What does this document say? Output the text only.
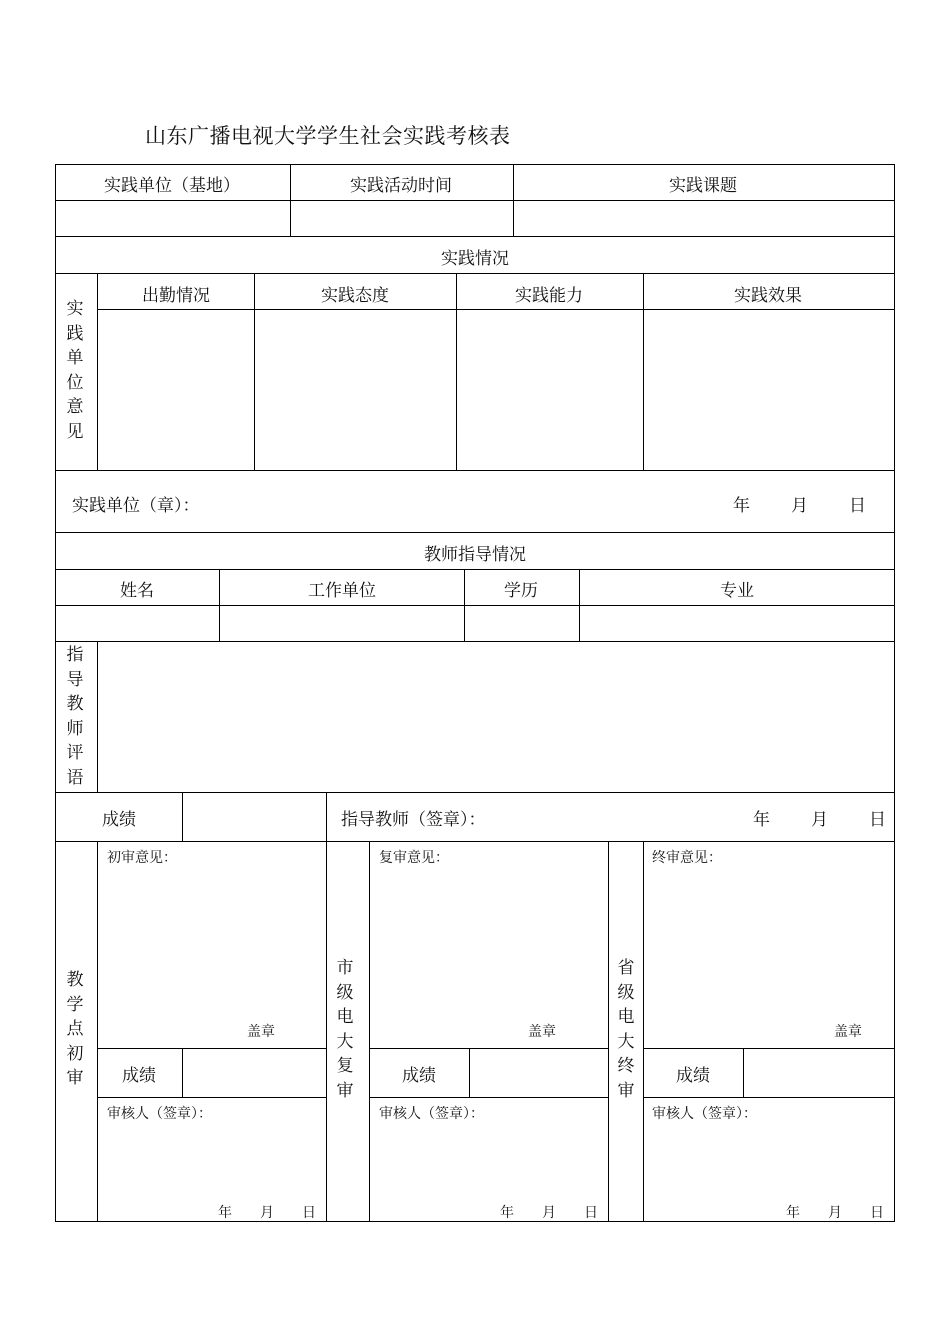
山东广播电视大学学生社会实践考核表
实践单位（基地）	实践活动时间	实践课题
实践情况
实
践
单
位
意
见
出勤情况	实践态度	实践能力	实践效果
实践单位（章）：	年 月 日
教师指导情况
姓名	工作单位	学历	专业
指
导
教
师
评
语
成绩	指导教师（签章）：	年 月 日
教
学
点
初
审
市
级
电
大
复
审
省
级
电
大
终
审
初审意见：	复审意见：	终审意见：
盖章	盖章	盖章
成绩	成绩	成绩
审核人（签章）：	审核人（签章）：	审核人（签章）：
年 月 日	年 月 日	年 月 日
